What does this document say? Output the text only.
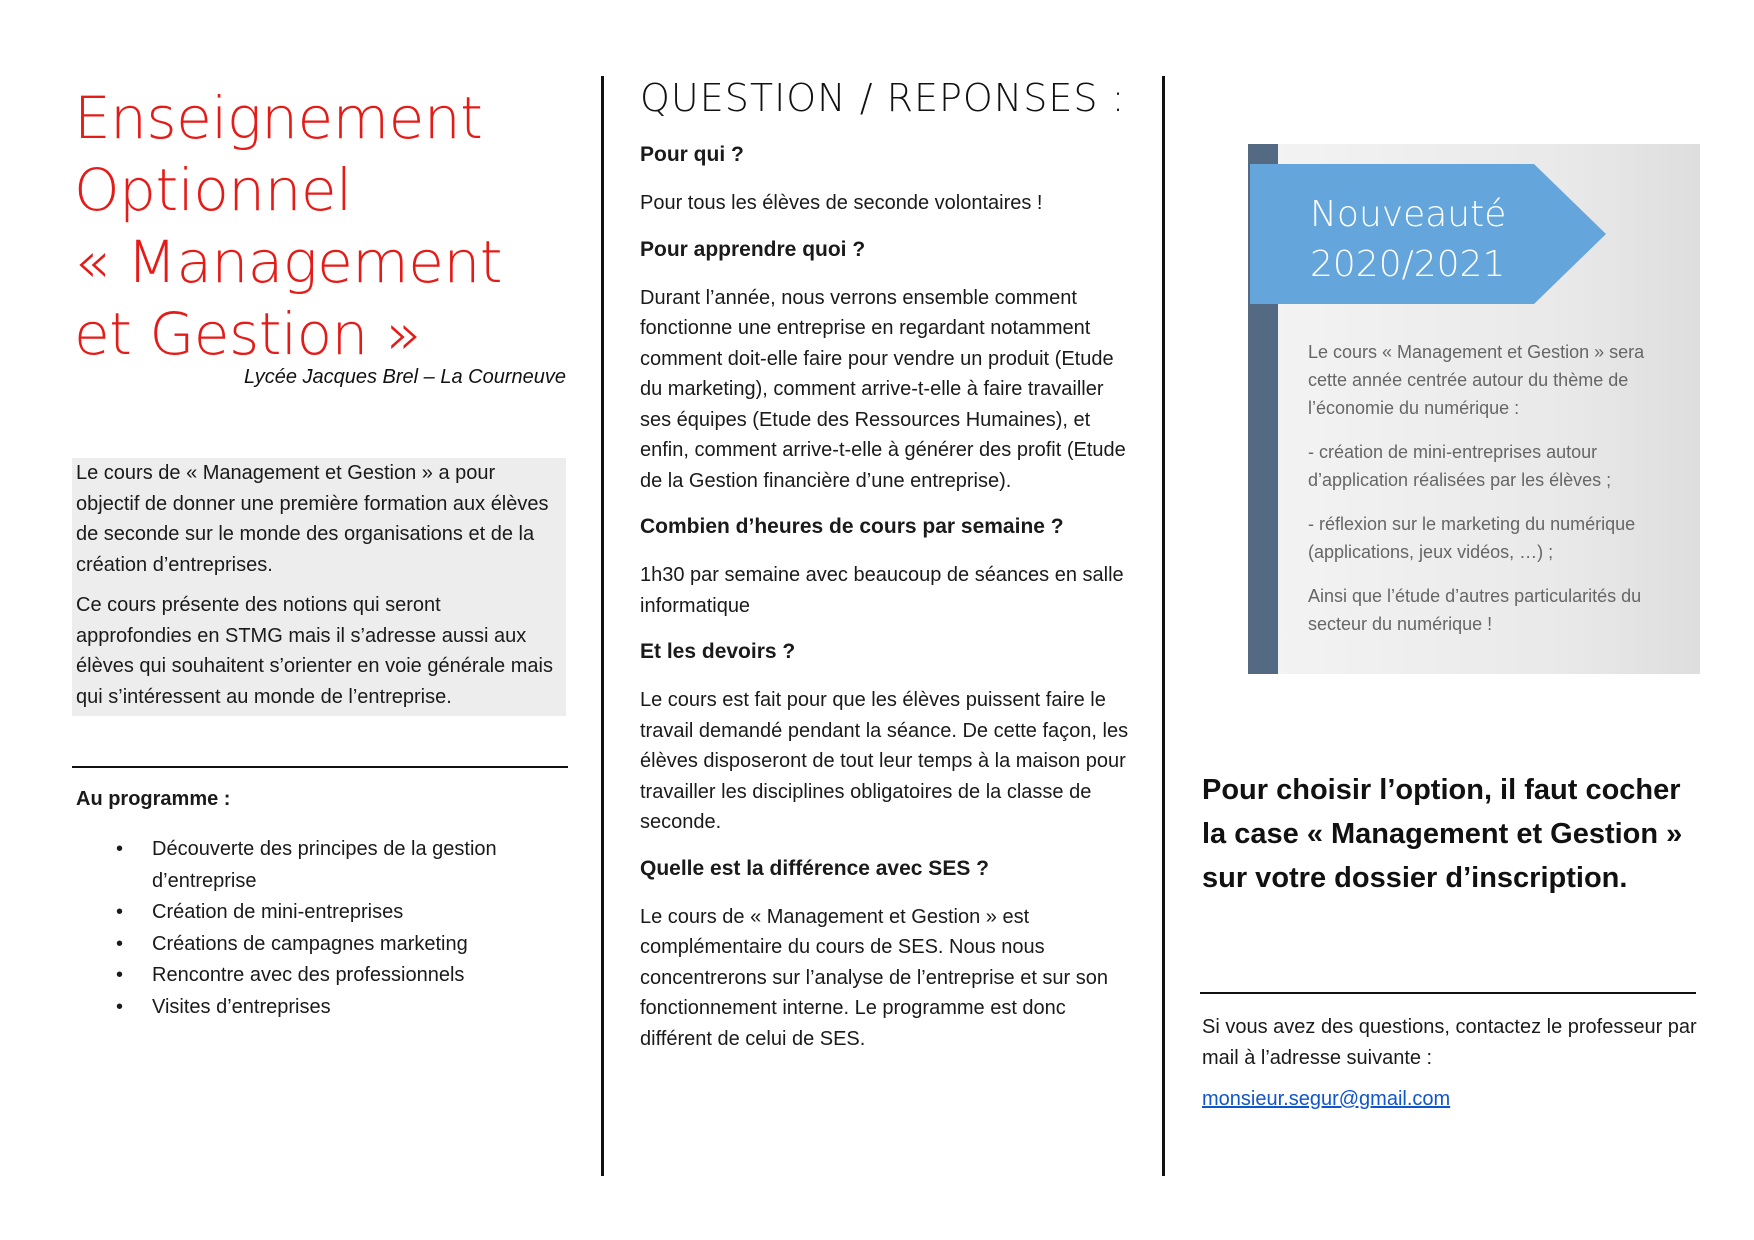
Enseignement
Optionnel
« Management
et Gestion »
Lycée Jacques Brel – La Courneuve

Le cours de « Management et Gestion » a pour objectif de donner une première formation aux élèves de seconde sur le monde des organisations et de la création d’entreprises.

Ce cours présente des notions qui seront approfondies en STMG mais il s’adresse aussi aux élèves qui souhaitent s’orienter en voie générale mais qui s’intéressent au monde de l’entreprise.

Au programme :
• Découverte des principes de la gestion d’entreprise
• Création de mini-entreprises
• Créations de campagnes marketing
• Rencontre avec des professionnels
• Visites d’entreprises
QUESTION / REPONSES :

Pour qui ?

Pour tous les élèves de seconde volontaires !

Pour apprendre quoi ?

Durant l’année, nous verrons ensemble comment fonctionne une entreprise en regardant notamment comment doit-elle faire pour vendre un produit (Etude du marketing), comment arrive-t-elle à faire travailler ses équipes (Etude des Ressources Humaines), et enfin, comment arrive-t-elle à générer des profit (Etude de la Gestion financière d’une entreprise).

Combien d’heures de cours par semaine ?

1h30 par semaine avec beaucoup de séances en salle informatique

Et les devoirs ?

Le cours est fait pour que les élèves puissent faire le travail demandé pendant la séance. De cette façon, les élèves disposeront de tout leur temps à la maison pour travailler les disciplines obligatoires de la classe de seconde.

Quelle est la différence avec SES ?

Le cours de « Management et Gestion » est complémentaire du cours de SES. Nous nous concentrerons sur l’analyse de l’entreprise et sur son fonctionnement interne. Le programme est donc différent de celui de SES.

Nouveauté
2020/2021

Le cours « Management et Gestion » sera cette année centrée autour du thème de l’économie du numérique :

- création de mini-entreprises autour d’application réalisées par les élèves ;

- réflexion sur le marketing du numérique (applications, jeux vidéos, …) ;

Ainsi que l’étude d’autres particularités du secteur du numérique !

Pour choisir l’option, il faut cocher la case « Management et Gestion » sur votre dossier d’inscription.

Si vous avez des questions, contactez le professeur par mail à l’adresse suivante :

monsieur.segur@gmail.com
